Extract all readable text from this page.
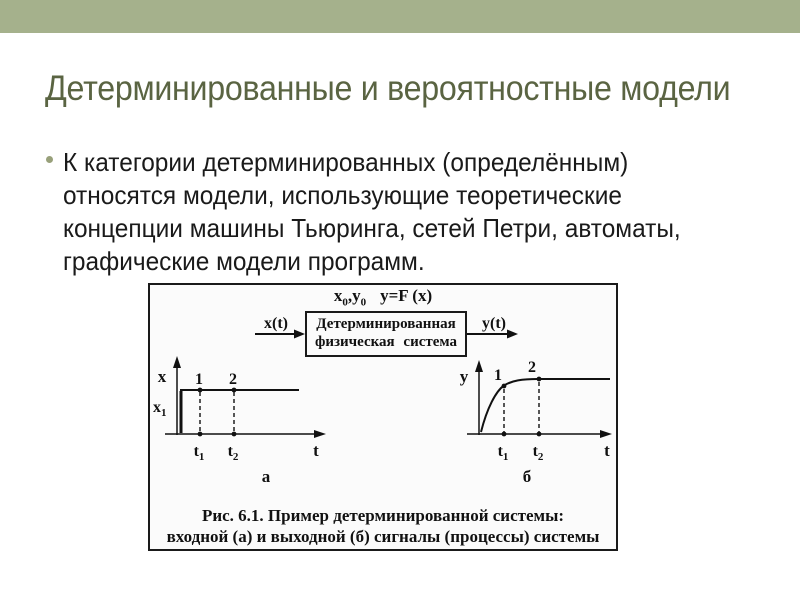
Детерминированные и вероятностные модели
К категории детерминированных (определённым)
относятся модели, использующие теоретические
концепции машины Тьюринга, сетей Петри, автоматы,
графические модели программ.
$x_0,y_0$ y=F (x)
Детерминированная
физическая система
x(t)	y(t)
x
$x_1$
1 2
$t_1$ $t_2$	t
а
y 1 2
$t_1$ $t_2$	t
б
Рис. 6.1. Пример детерминированной системы:
входной (а) и выходной (б) сигналы (процессы) системы
